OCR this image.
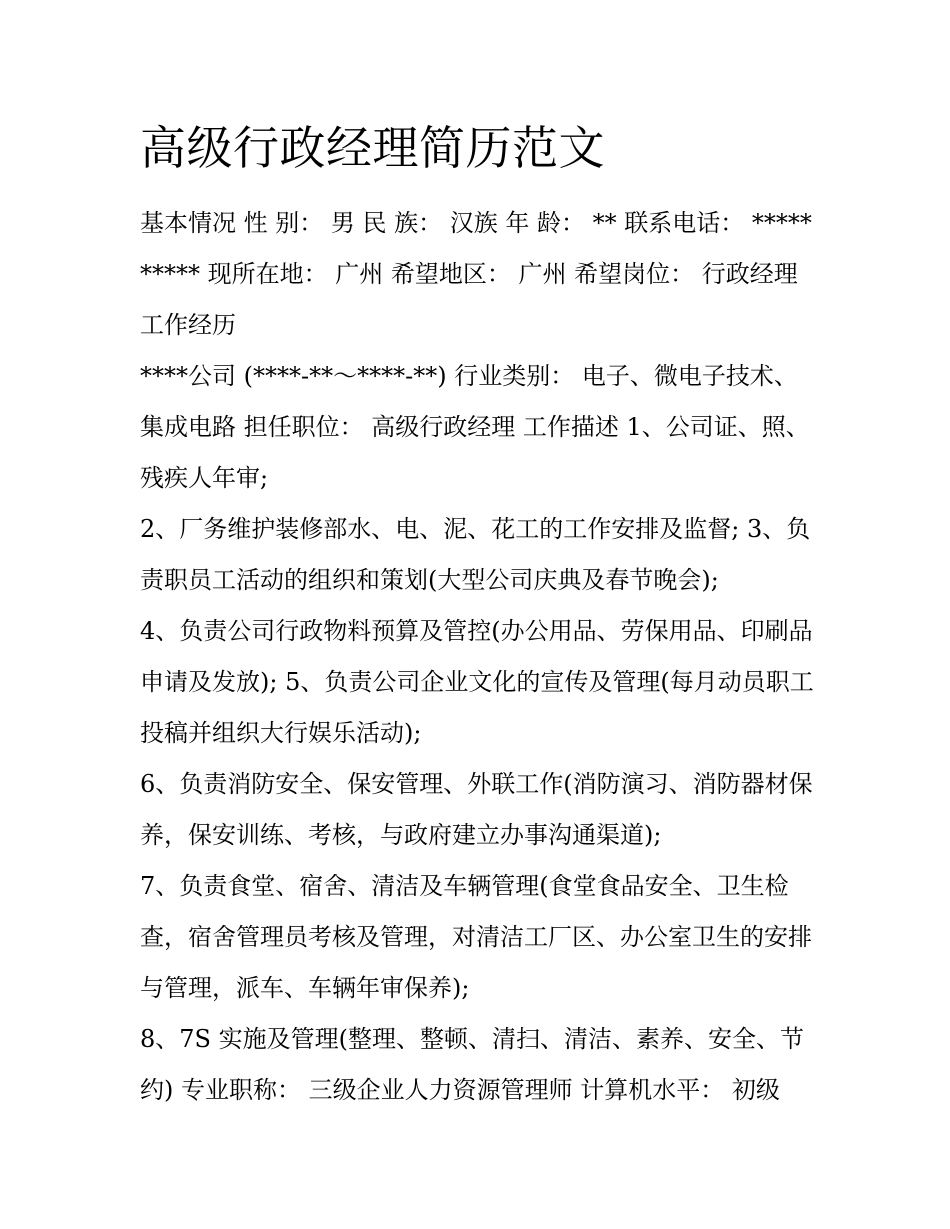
高级行政经理简历范文

基本情况 性 别： 男 民 族： 汉族 年 龄： ** 联系电话： ********** 现所在地： 广州 希望地区： 广州 希望岗位： 行政经理 工作经历

****公司 (****-**～****-**) 行业类别： 电子、微电子技术、集成电路 担任职位： 高级行政经理 工作描述 1、公司证、照、残疾人年审;

2、厂务维护装修部水、电、泥、花工的工作安排及监督; 3、负责职员工活动的组织和策划(大型公司庆典及春节晚会);

4、负责公司行政物料预算及管控(办公用品、劳保用品、印刷品申请及发放); 5、负责公司企业文化的宣传及管理(每月动员职工投稿并组织大行娱乐活动);

6、负责消防安全、保安管理、外联工作(消防演习、消防器材保养，保安训练、考核，与政府建立办事沟通渠道);

7、负责食堂、宿舍、清洁及车辆管理(食堂食品安全、卫生检查，宿舍管理员考核及管理，对清洁工厂区、办公室卫生的安排与管理，派车、车辆年审保养);

8、7S 实施及管理(整理、整顿、清扫、清洁、素养、安全、节约) 专业职称： 三级企业人力资源管理师 计算机水平： 初级
